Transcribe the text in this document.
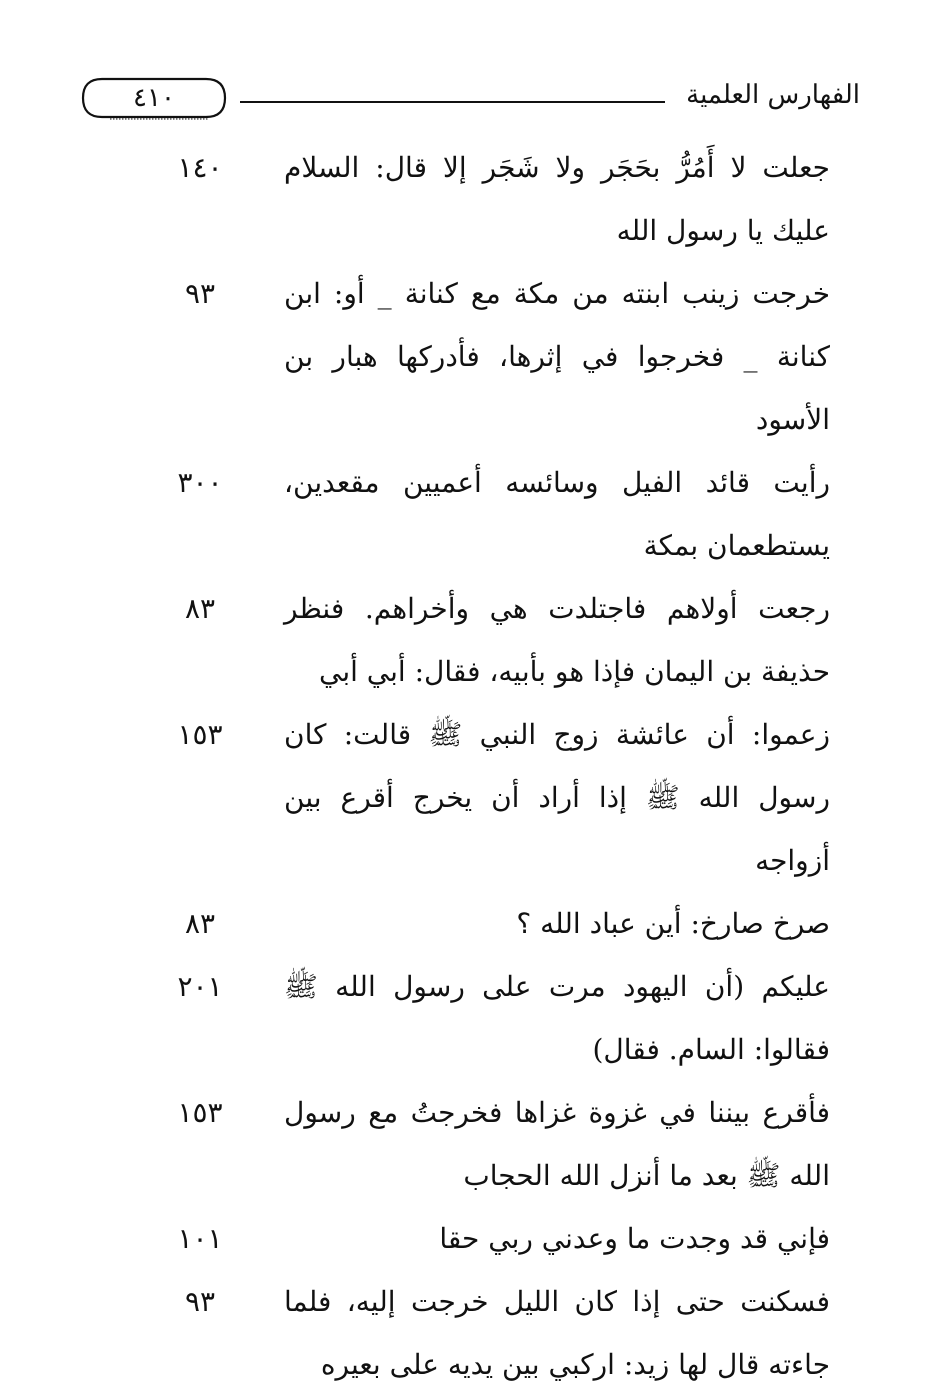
٤١٠	الفهارس العلمية
جعلت لا أَمُرُّ بحَجَر ولا شَجَر إلا قال: السلام عليك يا رسول الله
١٤٠
خرجت زينب ابنته من مكة مع كنانة _ أو: ابن كنانة _ فخرجوا في إثرها، فأدركها هبار بن الأسود
٩٣
رأيت قائد الفيل وسائسه أعميين مقعدين، يستطعمان بمكة
٣٠٠
رجعت أولاهم فاجتلدت هي وأخراهم. فنظر حذيفة بن اليمان فإذا هو بأبيه، فقال: أبي أبي
٨٣
زعموا: أن عائشة زوج النبي ﷺ قالت: كان رسول الله ﷺ إذا أراد أن يخرج أقرع بين أزواجه
١٥٣
صرخ صارخ: أين عباد الله ؟
٨٣
عليكم (أن اليهود مرت على رسول الله ﷺ فقالوا: السام. فقال)
٢٠١
فأقرع بيننا في غزوة غزاها فخرجتُ مع رسول الله ﷺ بعد ما أنزل الله الحجاب
١٥٣
فإني قد وجدت ما وعدني ربي حقا
١٠١
فسكنت حتى إذا كان الليل خرجت إليه، فلما جاءته قال لها زيد: اركبي بين يديه على بعيره
٩٣
